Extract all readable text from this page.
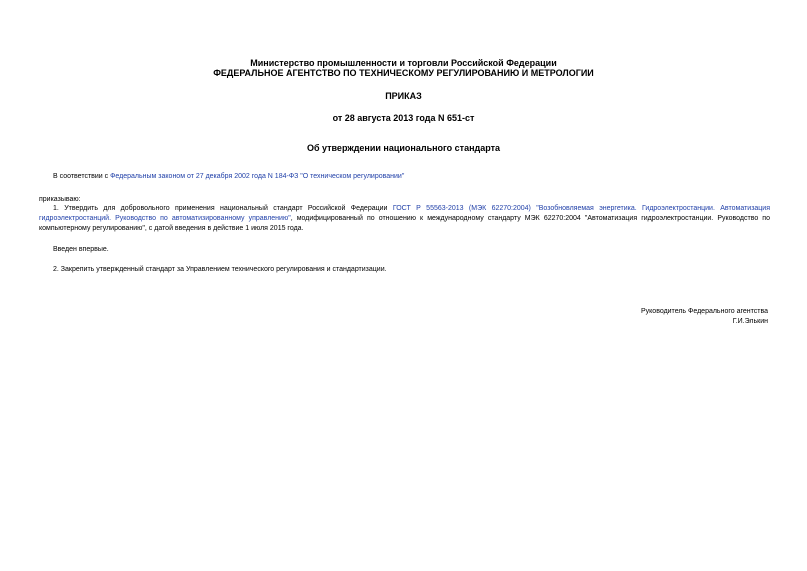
Министерство промышленности и торговли Российской Федерации
ФЕДЕРАЛЬНОЕ АГЕНТСТВО ПО ТЕХНИЧЕСКОМУ РЕГУЛИРОВАНИЮ И МЕТРОЛОГИИ
ПРИКАЗ
от 28 августа 2013 года N 651-ст
Об утверждении национального стандарта
В соответствии с Федеральным законом от 27 декабря 2002 года N 184-ФЗ "О техническом регулировании"
приказываю:
1. Утвердить для добровольного применения национальный стандарт Российской Федерации ГОСТ Р 55563-2013 (МЭК 62270:2004) "Возобновляемая энергетика. Гидроэлектростанции. Автоматизация
гидроэлектростанций. Руководство по автоматизированному управлению", модифицированный по отношению к международному стандарту МЭК 62270:2004 "Автоматизация гидроэлектростанции. Руководство по
компьютерному регулированию", с датой введения в действие 1 июля 2015 года.
Введен впервые.
2. Закрепить утвержденный стандарт за Управлением технического регулирования и стандартизации.
Руководитель Федерального агентства
Г.И.Элькин
